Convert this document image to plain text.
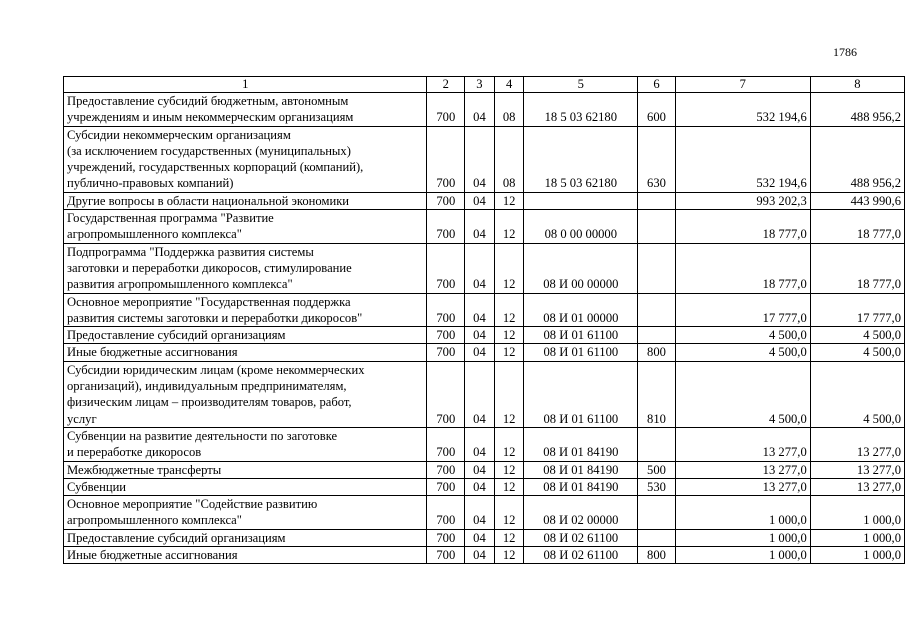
1786
1	2	3	4	5	6	7	8
Предоставление субсидий бюджетным, автономным
учреждениям и иным некоммерческим организациям	700	04	08	18 5 03 62180	600	532 194,6	488 956,2
Субсидии некоммерческим организациям
(за исключением государственных (муниципальных)
учреждений, государственных корпораций (компаний),
публично-правовых компаний)	700	04	08	18 5 03 62180	630	532 194,6	488 956,2
Другие вопросы в области национальной экономики	700	04	12			993 202,3	443 990,6
Государственная программа "Развитие
агропромышленного комплекса"	700	04	12	08 0 00 00000		18 777,0	18 777,0
Подпрограмма "Поддержка развития системы
заготовки и переработки дикоросов, стимулирование
развития агропромышленного комплекса"	700	04	12	08 И 00 00000		18 777,0	18 777,0
Основное мероприятие "Государственная поддержка
развития системы заготовки и переработки дикоросов"	700	04	12	08 И 01 00000		17 777,0	17 777,0
Предоставление субсидий организациям	700	04	12	08 И 01 61100		4 500,0	4 500,0
Иные бюджетные ассигнования	700	04	12	08 И 01 61100	800	4 500,0	4 500,0
Субсидии юридическим лицам (кроме некоммерческих
организаций), индивидуальным предпринимателям,
физическим лицам – производителям товаров, работ,
услуг	700	04	12	08 И 01 61100	810	4 500,0	4 500,0
Субвенции на развитие деятельности по заготовке
и переработке дикоросов	700	04	12	08 И 01 84190		13 277,0	13 277,0
Межбюджетные трансферты	700	04	12	08 И 01 84190	500	13 277,0	13 277,0
Субвенции	700	04	12	08 И 01 84190	530	13 277,0	13 277,0
Основное мероприятие "Содействие развитию
агропромышленного комплекса"	700	04	12	08 И 02 00000		1 000,0	1 000,0
Предоставление субсидий организациям	700	04	12	08 И 02 61100		1 000,0	1 000,0
Иные бюджетные ассигнования	700	04	12	08 И 02 61100	800	1 000,0	1 000,0
